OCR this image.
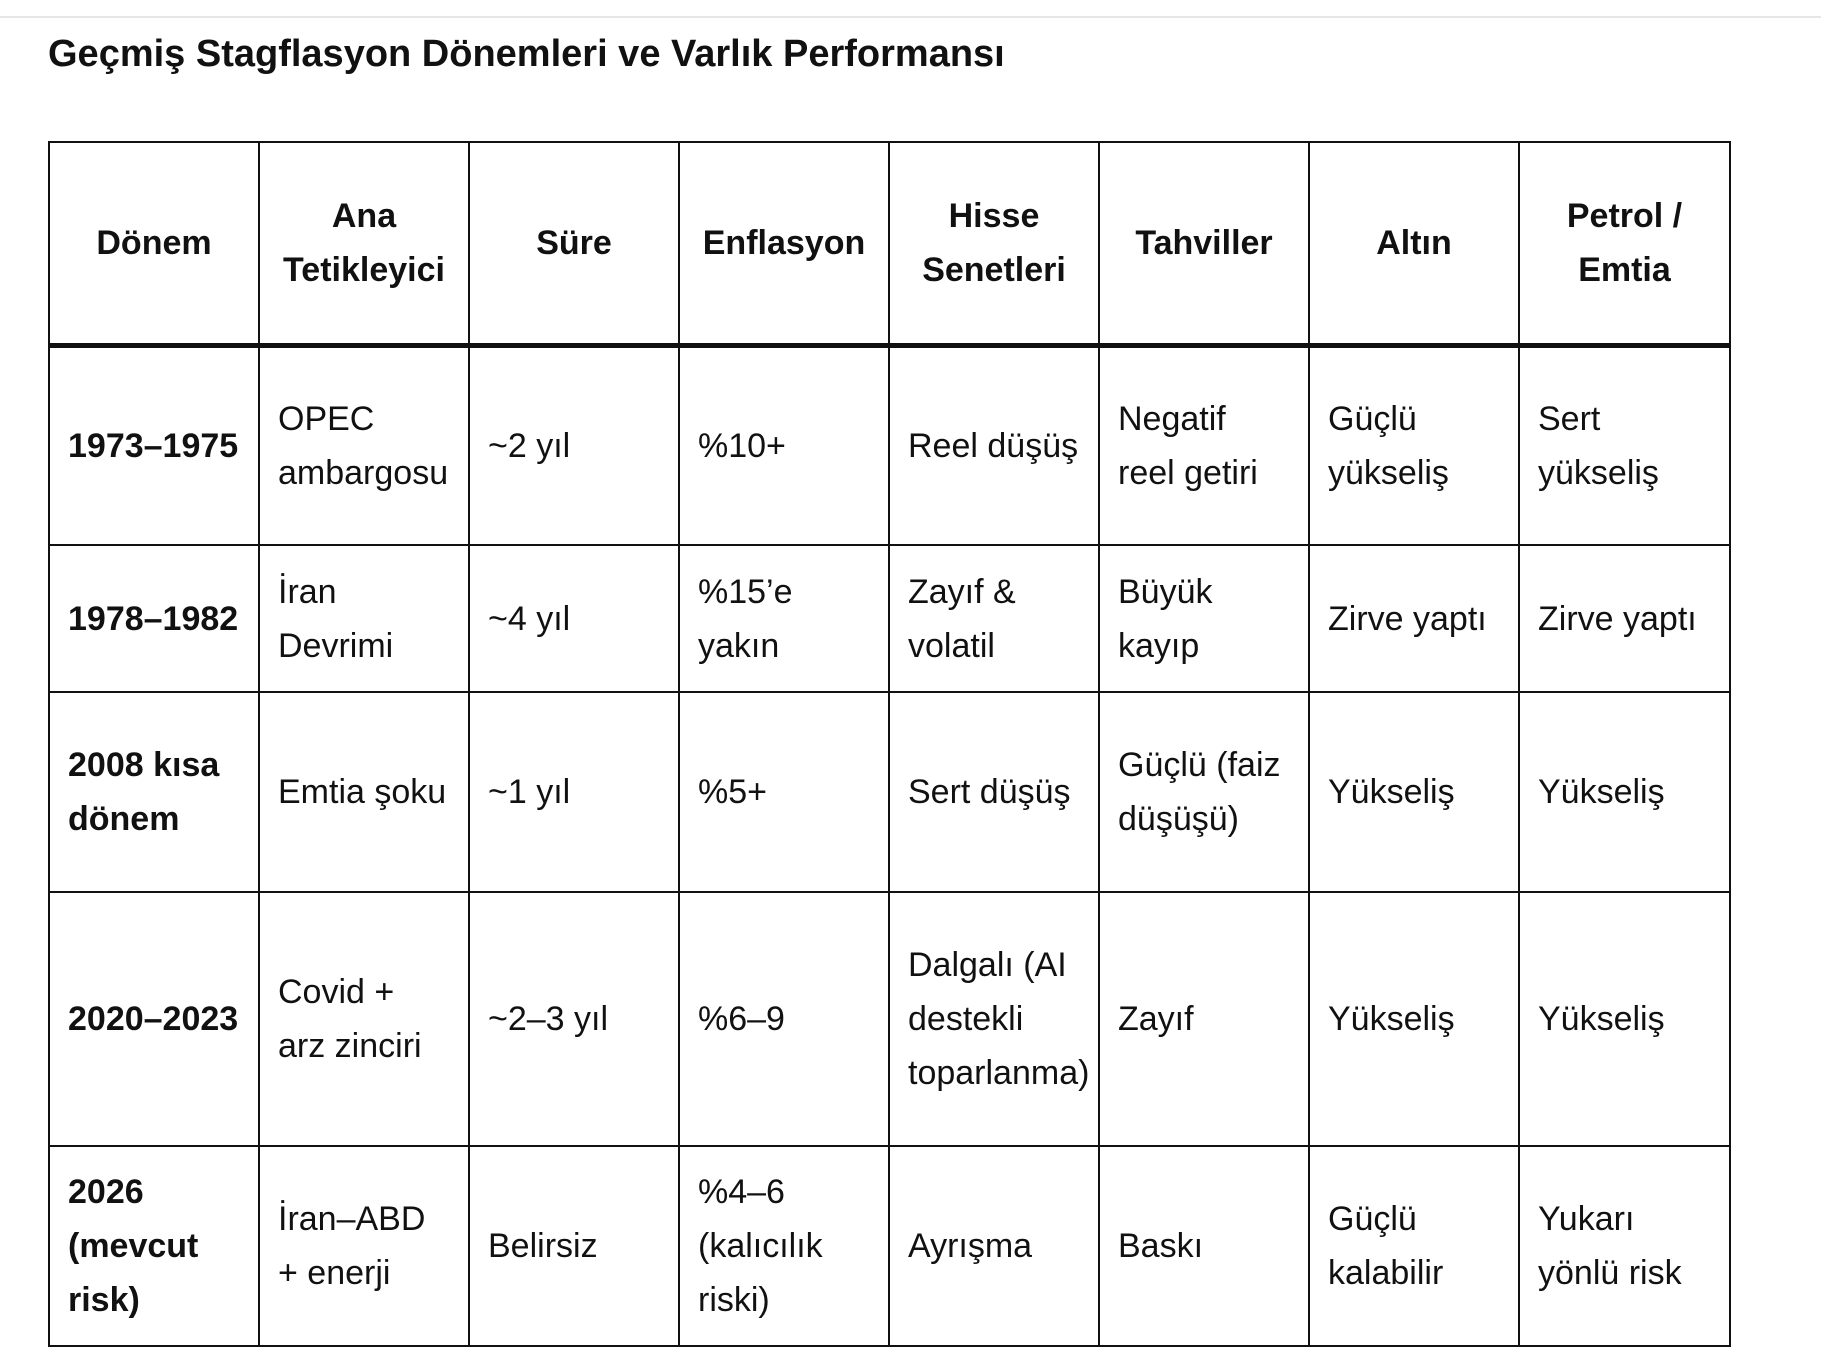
Geçmiş Stagflasyon Dönemleri ve Varlık Performansı
Dönem	Ana Tetikleyici	Süre	Enflasyon	Hisse Senetleri	Tahviller	Altın	Petrol / Emtia
1973–1975	OPEC ambargosu	~2 yıl	%10+	Reel düşüş	Negatif reel getiri	Güçlü yükseliş	Sert yükseliş
1978–1982	İran Devrimi	~4 yıl	%15’e yakın	Zayıf & volatil	Büyük kayıp	Zirve yaptı	Zirve yaptı
2008 kısa dönem	Emtia şoku	~1 yıl	%5+	Sert düşüş	Güçlü (faiz düşüşü)	Yükseliş	Yükseliş
2020–2023	Covid + arz zinciri	~2–3 yıl	%6–9	Dalgalı (AI destekli toparlanma)	Zayıf	Yükseliş	Yükseliş
2026 (mevcut risk)	İran–ABD + enerji	Belirsiz	%4–6 (kalıcılık riski)	Ayrışma	Baskı	Güçlü kalabilir	Yukarı yönlü risk
